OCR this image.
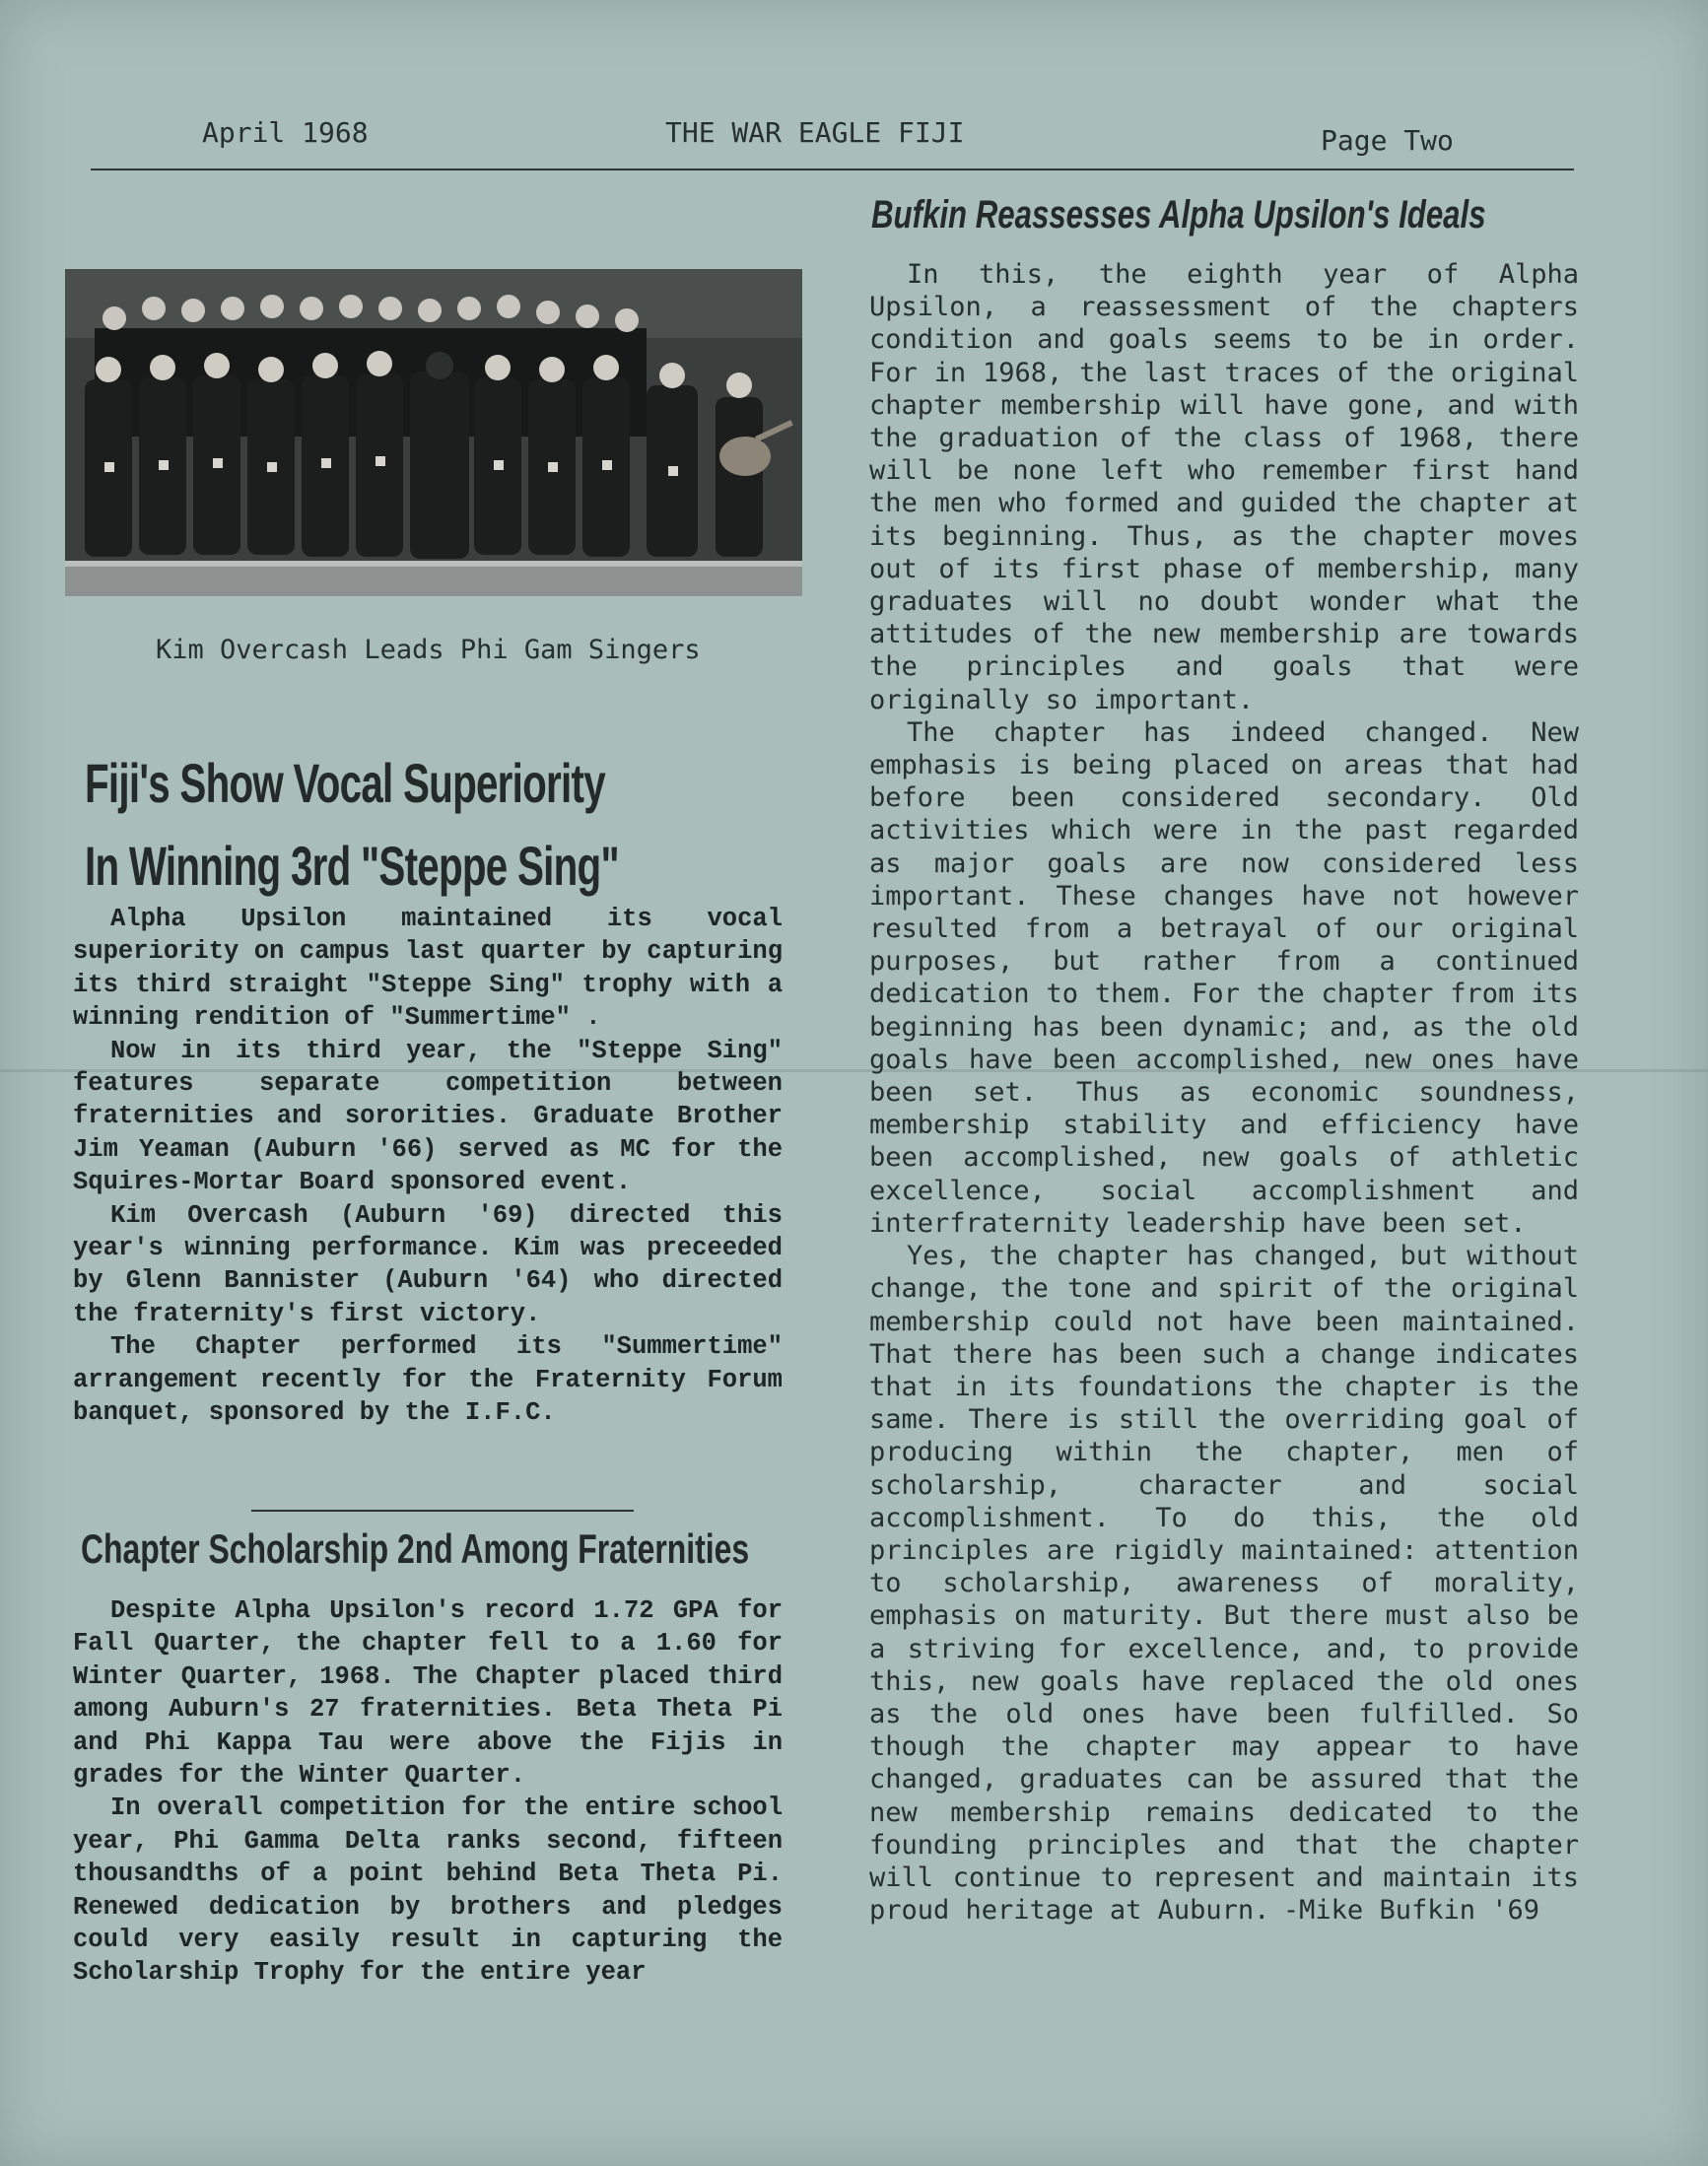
April 1968	THE WAR EAGLE FIJI	Page Two
Kim Overcash Leads Phi Gam Singers
Fiji's Show Vocal Superiority
In Winning 3rd "Steppe Sing"

Alpha Upsilon maintained its vocal superiority on campus last quarter by capturing its third straight "Steppe Sing" trophy with a winning rendition of "Summertime" .

Now in its third year, the "Steppe Sing" features separate competition between fraternities and sororities. Graduate Brother Jim Yeaman (Auburn '66) served as MC for the Squires-Mortar Board sponsored event.

Kim Overcash (Auburn '69) directed this year's winning performance. Kim was preceeded by Glenn Bannister (Auburn '64) who directed the fraternity's first victory.

The Chapter performed its "Summertime" arrangement recently for the Fraternity Forum banquet, sponsored by the I.F.C.

Chapter Scholarship 2nd Among Fraternities

Despite Alpha Upsilon's record 1.72 GPA for Fall Quarter, the chapter fell to a 1.60 for Winter Quarter, 1968. The Chapter placed third among Auburn's 27 fraternities. Beta Theta Pi and Phi Kappa Tau were above the Fijis in grades for the Winter Quarter.

In overall competition for the entire school year, Phi Gamma Delta ranks second, fifteen thousandths of a point behind Beta Theta Pi. Renewed dedication by brothers and pledges could very easily result in capturing the Scholarship Trophy for the entire year

Bufkin Reassesses Alpha Upsilon's Ideals

In this, the eighth year of Alpha Upsilon, a reassessment of the chapters condition and goals seems to be in order. For in 1968, the last traces of the original chapter membership will have gone, and with the graduation of the class of 1968, there will be none left who remember first hand the men who formed and guided the chapter at its beginning. Thus, as the chapter moves out of its first phase of membership, many graduates will no doubt wonder what the attitudes of the new membership are towards the principles and goals that were originally so important.

The chapter has indeed changed. New emphasis is being placed on areas that had before been considered secondary. Old activities which were in the past regarded as major goals are now considered less important. These changes have not however resulted from a betrayal of our original purposes, but rather from a continued dedication to them. For the chapter from its beginning has been dynamic; and, as the old goals have been accomplished, new ones have been set. Thus as economic soundness, membership stability and efficiency have been accomplished, new goals of athletic excellence, social accomplishment and interfraternity leadership have been set.

Yes, the chapter has changed, but without change, the tone and spirit of the original membership could not have been maintained. That there has been such a change indicates that in its foundations the chapter is the same. There is still the overriding goal of producing within the chapter, men of scholarship, character and social accomplishment. To do this, the old principles are rigidly maintained: attention to scholarship, awareness of morality, emphasis on maturity. But there must also be a striving for excellence, and, to provide this, new goals have replaced the old ones as the old ones have been fulfilled. So though the chapter may appear to have changed, graduates can be assured that the new membership remains dedicated to the founding principles and that the chapter will continue to represent and maintain its proud heritage at Auburn. -Mike Bufkin '69
